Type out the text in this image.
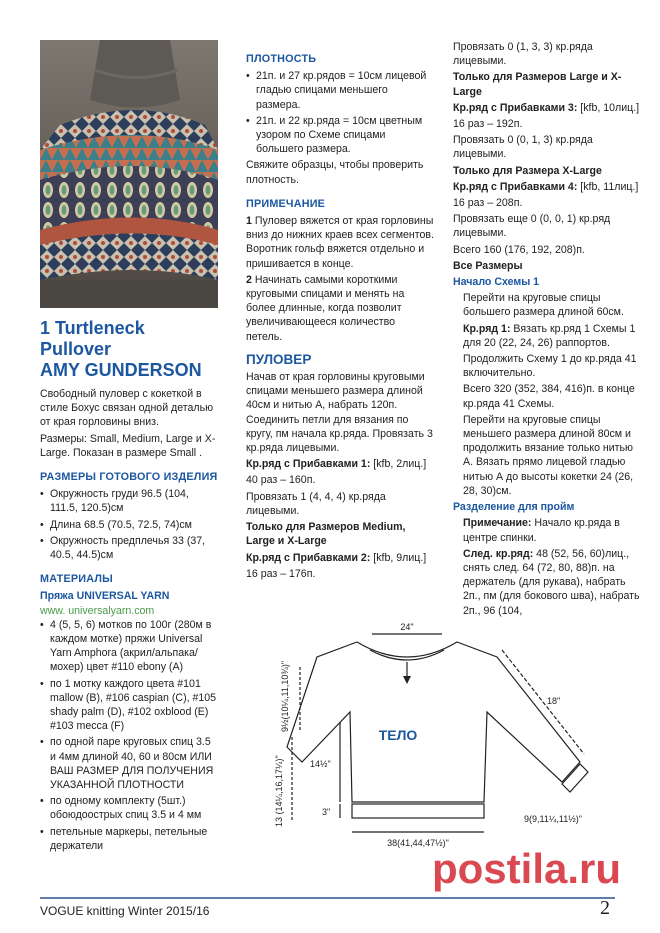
1 Turtleneck Pullover
AMY GUNDERSON

Свободный пуловер с кокеткой в стиле Бохус связан одной деталью от края горловины вниз.

Размеры: Small, Medium, Large и X-Large. Показан в размере Small .

РАЗМЕРЫ ГОТОВОГО ИЗДЕЛИЯ
• Окружность груди 96.5 (104, 111.5, 120.5)см
• Длина 68.5 (70.5, 72.5, 74)см
• Окружность предплечья 33 (37, 40.5, 44.5)см
МАТЕРИАЛЫ
Пряжа UNIVERSAL YARN
www. universalyarn.com
• 4 (5, 5, 6) мотков по 100г (280м в каждом мотке) пряжи Universal Yarn Amphora (акрил/альпака/мохер) цвет #110 ebony (A)
• по 1 мотку каждого цвета #101 mallow (B), #106 caspian (C), #105 shady palm (D), #102 oxblood (E) #103 mecca (F)
• по одной паре круговых спиц 3.5 и 4мм длиной 40, 60 и 80см ИЛИ ВАШ РАЗМЕР ДЛЯ ПОЛУЧЕНИЯ УКАЗАННОЙ ПЛОТНОСТИ
• по одному комплекту (5шт.) обоюдоострых спиц 3.5 и 4 мм
• петельные маркеры, петельные держатели
ПЛОТНОСТЬ
• 21п. и 27 кр.рядов = 10см лицевой гладью спицами меньшего размера.
• 21п. и 22 кр.ряда = 10см цветным узором по Схеме спицами большего размера.

Свяжите образцы, чтобы проверить плотность.

ПРИМЕЧАНИЕ

1 Пуловер вяжется от края горловины вниз до нижних краев всех сегментов. Воротник гольф вяжется отдельно и пришивается в конце.

2 Начинать самыми короткими круговыми спицами и менять на более длинные, когда позволит увеличивающееся количество петель.

ПУЛОВЕР

Начав от края горловины круговыми спицами меньшего размера длиной 40см и нитью А, набрать 120п. Соединить петли для вязания по кругу, пм начала кр.ряда. Провязать 3 кр.ряда лицевыми.

Кр.ряд с Прибавками 1: [kfb, 2лиц.]

40 раз – 160п.

Провязать 1 (4, 4, 4) кр.ряда лицевыми.

Только для Размеров Medium, Large и X-Large

Кр.ряд с Прибавками 2: [kfb, 9лиц.]

16 раз – 176п.

Провязать 0 (1, 3, 3) кр.ряда лицевыми.

Только для Размеров Large и X-Large

Кр.ряд с Прибавками 3: [kfb, 10лиц.]

16 раз – 192п.

Провязать 0 (0, 1, 3) кр.ряда лицевыми.

Только для Размера X-Large

Кр.ряд с Прибавками 4: [kfb, 11лиц.]

16 раз – 208п.

Провязать еще 0 (0, 0, 1) кр.ряд лицевыми.

Всего 160 (176, 192, 208)п.

Все Размеры

Начало Схемы 1

Перейти на круговые спицы большего размера длиной 60см.

Кр.ряд 1: Вязать кр.ряд 1 Схемы 1 для 20 (22, 24, 26) раппортов.

Продолжить Схему 1 до кр.ряда 41 включительно.

Всего 320 (352, 384, 416)п. в конце кр.ряда 41 Схемы.

Перейти на круговые спицы меньшего размера длиной 80см и продолжить вязание только нитью А. Вязать прямо лицевой гладью нитью А до высоты кокетки 24 (26, 28, 30)см.

Разделение для пройм

Примечание: Начало кр.ряда в центре спинки.

След. кр.ряд: 48 (52, 56, 60)лиц., снять след. 64 (72, 80, 88)п. на держатель (для рукава), набрать 2п., пм (для бокового шва), набрать 2п., 96 (104,

24"
ТЕЛО
9½(10¼,11,10¾)"
13 (14¼,16,17¼)"	14½"
18"
3"
9(9,11¼,11½)"
38(41,44,47½)"
postila.ru
VOGUE knitting Winter 2015/16	2
